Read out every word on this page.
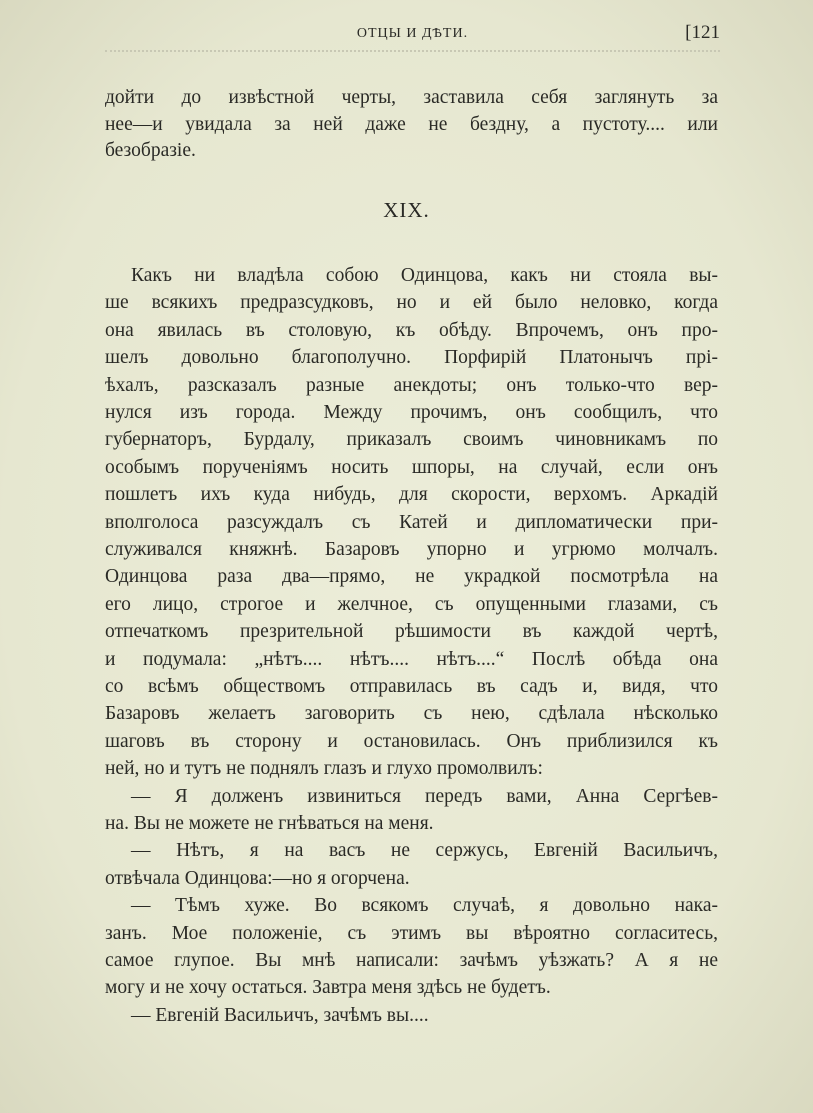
ОТЦЫ И ДѢТИ.	[121
дойти до извѣстной черты, заставила себя заглянуть за
нее—и увидала за ней даже не бездну, а пустоту.... или
безобразіе.
XIX.
Какъ ни владѣла собою Одинцова, какъ ни стояла вы-
ше всякихъ предразсудковъ, но и ей было неловко, когда
она явилась въ столовую, къ обѣду. Впрочемъ, онъ про-
шелъ довольно благополучно. Порфирій Платонычъ прі-
ѣхалъ, разсказалъ разные анекдоты; онъ только-что вер-
нулся изъ города. Между прочимъ, онъ сообщилъ, что
губернаторъ, Бурдалу, приказалъ своимъ чиновникамъ по
особымъ порученіямъ носить шпоры, на случай, если онъ
пошлетъ ихъ куда нибудь, для скорости, верхомъ. Аркадій
вполголоса разсуждалъ съ Катей и дипломатически при-
служивался княжнѣ. Базаровъ упорно и угрюмо молчалъ.
Одинцова раза два—прямо, не украдкой посмотрѣла на
его лицо, строгое и желчное, съ опущенными глазами, съ
отпечаткомъ презрительной рѣшимости въ каждой чертѣ,
и подумала: „нѣтъ.... нѣтъ.... нѣтъ....“ Послѣ обѣда она
со всѣмъ обществомъ отправилась въ садъ и, видя, что
Базаровъ желаетъ заговорить съ нею, сдѣлала нѣсколько
шаговъ въ сторону и остановилась. Онъ приблизился къ
ней, но и тутъ не поднялъ глазъ и глухо промолвилъ:
— Я долженъ извиниться передъ вами, Анна Сергѣев-
на. Вы не можете не гнѣваться на меня.
— Нѣтъ, я на васъ не сержусь, Евгеній Васильичъ,
отвѣчала Одинцова:—но я огорчена.
— Тѣмъ хуже. Во всякомъ случаѣ, я довольно нака-
занъ. Мое положеніе, съ этимъ вы вѣроятно согласитесь,
самое глупое. Вы мнѣ написали: зачѣмъ уѣзжать? А я не
могу и не хочу остаться. Завтра меня здѣсь не будетъ.
— Евгеній Васильичъ, зачѣмъ вы....
